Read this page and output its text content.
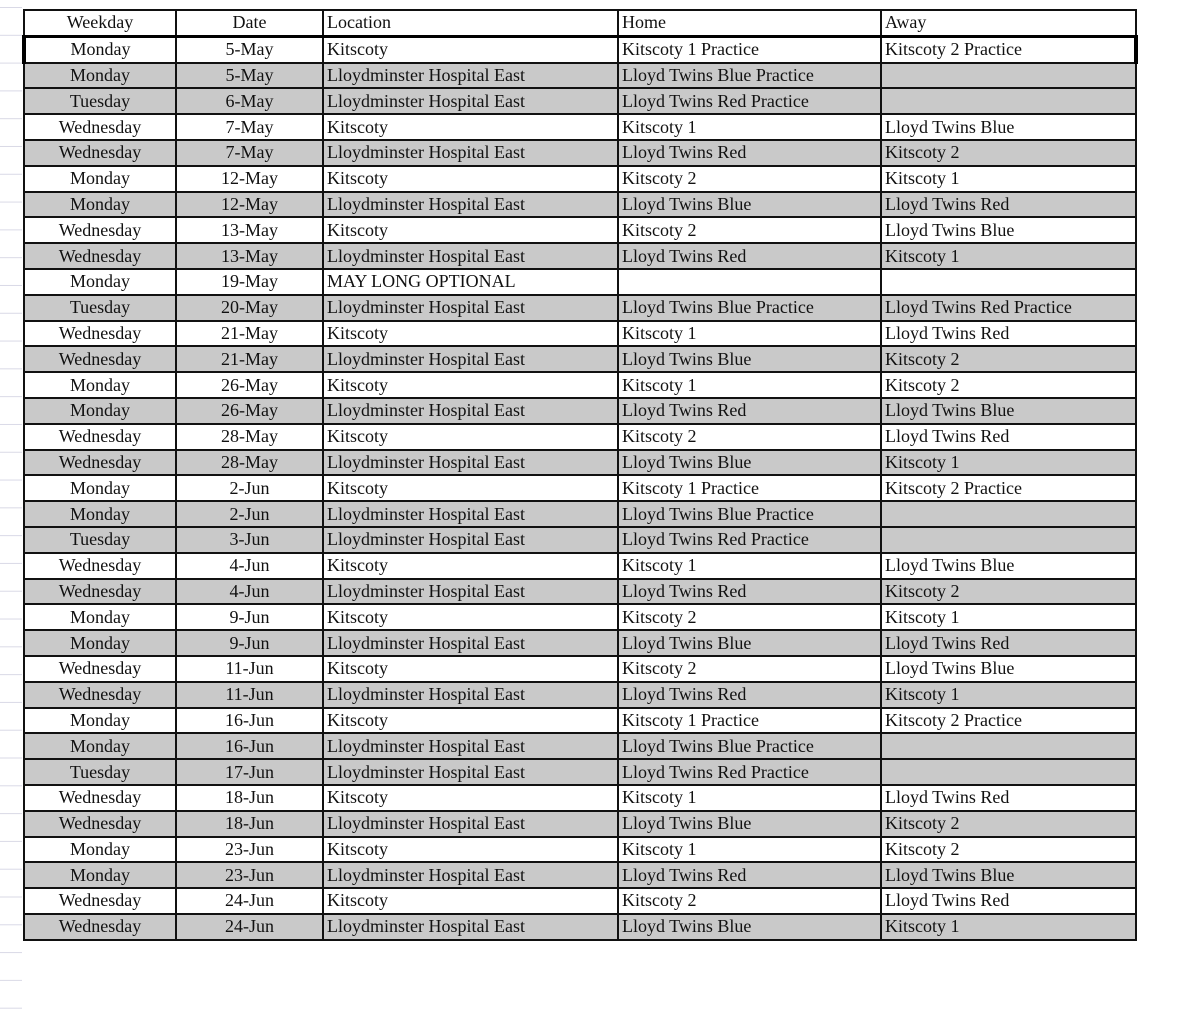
Weekday	Date	Location	Home	Away
Monday	5-May	Kitscoty	Kitscoty 1 Practice	Kitscoty 2 Practice
Monday	5-May	Lloydminster Hospital East	Lloyd Twins Blue Practice	
Tuesday	6-May	Lloydminster Hospital East	Lloyd Twins Red Practice	
Wednesday	7-May	Kitscoty	Kitscoty 1	Lloyd Twins Blue
Wednesday	7-May	Lloydminster Hospital East	Lloyd Twins Red	Kitscoty 2
Monday	12-May	Kitscoty	Kitscoty 2	Kitscoty 1
Monday	12-May	Lloydminster Hospital East	Lloyd Twins Blue	Lloyd Twins Red
Wednesday	13-May	Kitscoty	Kitscoty 2	Lloyd Twins Blue
Wednesday	13-May	Lloydminster Hospital East	Lloyd Twins Red	Kitscoty 1
Monday	19-May	MAY LONG OPTIONAL		
Tuesday	20-May	Lloydminster Hospital East	Lloyd Twins Blue Practice	Lloyd Twins Red Practice
Wednesday	21-May	Kitscoty	Kitscoty 1	Lloyd Twins Red
Wednesday	21-May	Lloydminster Hospital East	Lloyd Twins Blue	Kitscoty 2
Monday	26-May	Kitscoty	Kitscoty 1	Kitscoty 2
Monday	26-May	Lloydminster Hospital East	Lloyd Twins Red	Lloyd Twins Blue
Wednesday	28-May	Kitscoty	Kitscoty 2	Lloyd Twins Red
Wednesday	28-May	Lloydminster Hospital East	Lloyd Twins Blue	Kitscoty 1
Monday	2-Jun	Kitscoty	Kitscoty 1 Practice	Kitscoty 2 Practice
Monday	2-Jun	Lloydminster Hospital East	Lloyd Twins Blue Practice	
Tuesday	3-Jun	Lloydminster Hospital East	Lloyd Twins Red Practice	
Wednesday	4-Jun	Kitscoty	Kitscoty 1	Lloyd Twins Blue
Wednesday	4-Jun	Lloydminster Hospital East	Lloyd Twins Red	Kitscoty 2
Monday	9-Jun	Kitscoty	Kitscoty 2	Kitscoty 1
Monday	9-Jun	Lloydminster Hospital East	Lloyd Twins Blue	Lloyd Twins Red
Wednesday	11-Jun	Kitscoty	Kitscoty 2	Lloyd Twins Blue
Wednesday	11-Jun	Lloydminster Hospital East	Lloyd Twins Red	Kitscoty 1
Monday	16-Jun	Kitscoty	Kitscoty 1 Practice	Kitscoty 2 Practice
Monday	16-Jun	Lloydminster Hospital East	Lloyd Twins Blue Practice	
Tuesday	17-Jun	Lloydminster Hospital East	Lloyd Twins Red Practice	
Wednesday	18-Jun	Kitscoty	Kitscoty 1	Lloyd Twins Red
Wednesday	18-Jun	Lloydminster Hospital East	Lloyd Twins Blue	Kitscoty 2
Monday	23-Jun	Kitscoty	Kitscoty 1	Kitscoty 2
Monday	23-Jun	Lloydminster Hospital East	Lloyd Twins Red	Lloyd Twins Blue
Wednesday	24-Jun	Kitscoty	Kitscoty 2	Lloyd Twins Red
Wednesday	24-Jun	Lloydminster Hospital East	Lloyd Twins Blue	Kitscoty 1
